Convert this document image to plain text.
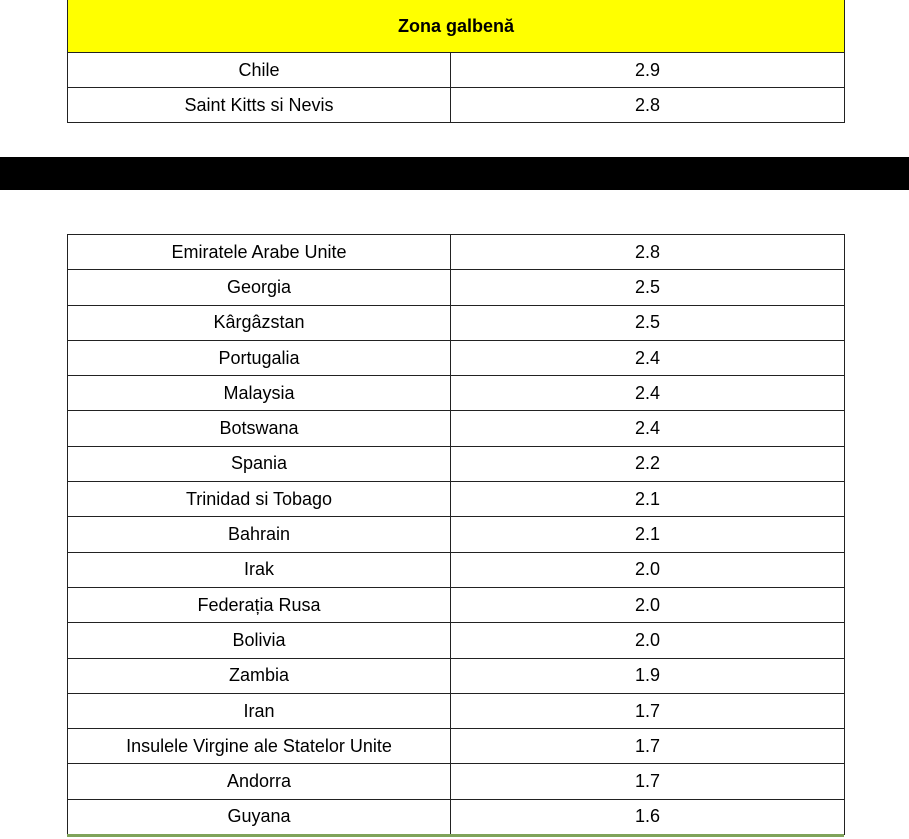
Zona galbenă	
Chile	2.9
Saint Kitts si Nevis	2.8
Emiratele Arabe Unite	2.8
Georgia	2.5
Kârgâzstan	2.5
Portugalia	2.4
Malaysia	2.4
Botswana	2.4
Spania	2.2
Trinidad si Tobago	2.1
Bahrain	2.1
Irak	2.0
Federația Rusa	2.0
Bolivia	2.0
Zambia	1.9
Iran	1.7
Insulele Virgine ale Statelor Unite	1.7
Andorra	1.7
Guyana	1.6
